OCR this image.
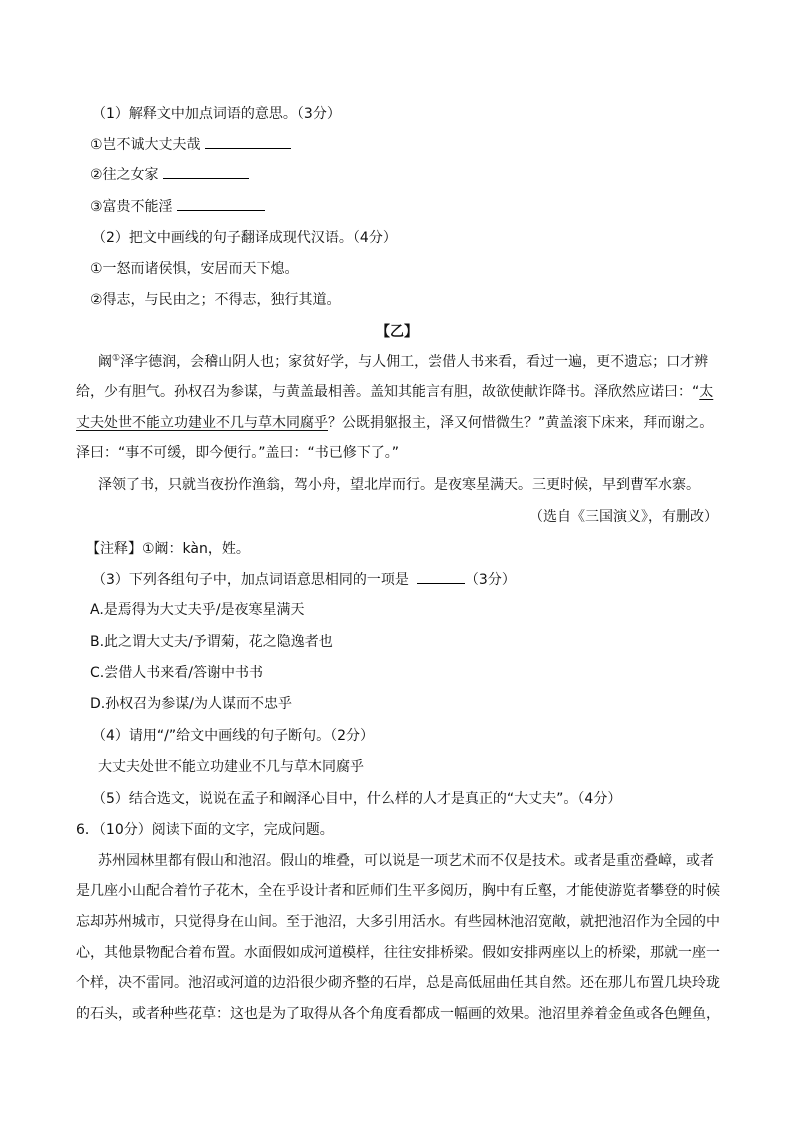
（1）解释文中加点词语的意思。（3分）
①岂不诚大丈夫哉
②往之女家
③富贵不能淫
（2）把文中画线的句子翻译成现代汉语。（4分）
①一怒而诸侯惧，安居而天下熄。
②得志，与民由之；不得志，独行其道。
【乙】
阚①泽字德润，会稽山阴人也；家贫好学，与人佣工，尝借人书来看，看过一遍，更不遗忘；口才辨
给，少有胆气。孙权召为参谋，与黄盖最相善。盖知其能言有胆，故欲使献诈降书。泽欣然应诺曰：“太
丈夫处世不能立功建业不几与草木同腐乎？公既捐躯报主，泽又何惜微生？”黄盖滚下床来，拜而谢之。
泽曰：“事不可缓，即今便行。”盖曰：“书已修下了。”
泽领了书，只就当夜扮作渔翁，驾小舟，望北岸而行。是夜寒星满天。三更时候，早到曹军水寨。
（选自《三国演义》，有删改）
【注释】①阚：kàn，姓。
（3）下列各组句子中，加点词语意思相同的一项是	（3分）
A.是焉得为大丈夫乎/是夜寒星满天
B.此之谓大丈夫/予谓菊，花之隐逸者也
C.尝借人书来看/答谢中书书
D.孙权召为参谋/为人谋而不忠乎
（4）请用“/”给文中画线的句子断句。（2分）
大丈夫处世不能立功建业不几与草木同腐乎
（5）结合选文，说说在孟子和阚泽心目中，什么样的人才是真正的“大丈夫”。（4分）
6．（10分）阅读下面的文字，完成问题。
苏州园林里都有假山和池沼。假山的堆叠，可以说是一项艺术而不仅是技术。或者是重峦叠嶂，或者
是几座小山配合着竹子花木，全在乎设计者和匠师们生平多阅历，胸中有丘壑，才能使游览者攀登的时候
忘却苏州城市，只觉得身在山间。至于池沼，大多引用活水。有些园林池沼宽敞，就把池沼作为全园的中
心，其他景物配合着布置。水面假如成河道模样，往往安排桥梁。假如安排两座以上的桥梁，那就一座一
个样，决不雷同。池沼或河道的边沿很少砌齐整的石岸，总是高低屈曲任其自然。还在那儿布置几块玲珑
的石头，或者种些花草：这也是为了取得从各个角度看都成一幅画的效果。池沼里养着金鱼或各色鲤鱼，
